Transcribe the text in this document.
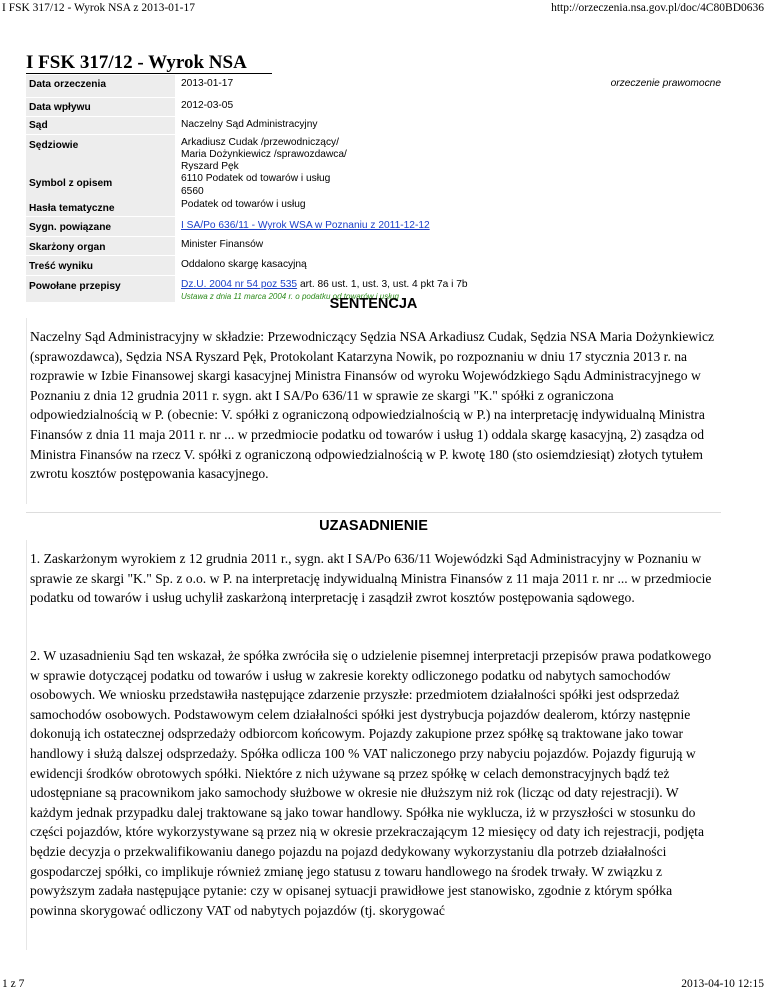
I FSK 317/12 - Wyrok NSA z 2013-01-17	http://orzeczenia.nsa.gov.pl/doc/4C80BD0636
I FSK 317/12 - Wyrok NSA
Data orzeczenia	2013-01-17 orzeczenie prawomocne

Data wpływu	2012-03-05
Sąd	Naczelny Sąd Administracyjny
Sędziowie	Arkadiusz Cudak /przewodniczący/
Maria Dożynkiewicz /sprawozdawca/
Ryszard Pęk

Symbol z opisem	6110 Podatek od towarów i usług
6560

Hasła tematyczne	Podatek od towarów i usług
Sygn. powiązane	I SA/Po 636/11 - Wyrok WSA w Poznaniu z 2011-12-12
Skarżony organ	Minister Finansów
Treść wyniku	Oddalono skargę kasacyjną
Powołane przepisy	Dz.U. 2004 nr 54 poz 535 art. 86 ust. 1, ust. 3, ust. 4 pkt 7a i 7b
Ustawa z dnia 11 marca 2004 r. o podatku od towarów i usług
SENTENCJA

Naczelny Sąd Administracyjny w składzie: Przewodniczący Sędzia NSA Arkadiusz Cudak, Sędzia NSA Maria Dożynkiewicz (sprawozdawca), Sędzia NSA Ryszard Pęk, Protokolant Katarzyna Nowik, po rozpoznaniu w dniu 17 stycznia 2013 r. na rozprawie w Izbie Finansowej skargi kasacyjnej Ministra Finansów od wyroku Wojewódzkiego Sądu Administracyjnego w Poznaniu z dnia 12 grudnia 2011 r. sygn. akt I SA/Po 636/11 w sprawie ze skargi "K." spółki z ograniczona odpowiedzialnością w P. (obecnie: V. spółki z ograniczoną odpowiedzialnością w P.) na interpretację indywidualną Ministra Finansów z dnia 11 maja 2011 r. nr ... w przedmiocie podatku od towarów i usług 1) oddala skargę kasacyjną, 2) zasądza od Ministra Finansów na rzecz V. spółki z ograniczoną odpowiedzialnością w P. kwotę 180 (sto osiemdziesiąt) złotych tytułem zwrotu kosztów postępowania kasacyjnego.

UZASADNIENIE

1. Zaskarżonym wyrokiem z 12 grudnia 2011 r., sygn. akt I SA/Po 636/11 Wojewódzki Sąd Administracyjny w Poznaniu w sprawie ze skargi "K." Sp. z o.o. w P. na interpretację indywidualną Ministra Finansów z 11 maja 2011 r. nr ... w przedmiocie podatku od towarów i usług uchylił zaskarżoną interpretację i zasądził zwrot kosztów postępowania sądowego.

2. W uzasadnieniu Sąd ten wskazał, że spółka zwróciła się o udzielenie pisemnej interpretacji przepisów prawa podatkowego w sprawie dotyczącej podatku od towarów i usług w zakresie korekty odliczonego podatku od nabytych samochodów osobowych. We wniosku przedstawiła następujące zdarzenie przyszłe: przedmiotem działalności spółki jest odsprzedaż samochodów osobowych. Podstawowym celem działalności spółki jest dystrybucja pojazdów dealerom, którzy następnie dokonują ich ostatecznej odsprzedaży odbiorcom końcowym. Pojazdy zakupione przez spółkę są traktowane jako towar handlowy i służą dalszej odsprzedaży. Spółka odlicza 100 % VAT naliczonego przy nabyciu pojazdów. Pojazdy figurują w ewidencji środków obrotowych spółki. Niektóre z nich używane są przez spółkę w celach demonstracyjnych bądź też udostępniane są pracownikom jako samochody służbowe w okresie nie dłuższym niż rok (licząc od daty rejestracji). W każdym jednak przypadku dalej traktowane są jako towar handlowy. Spółka nie wyklucza, iż w przyszłości w stosunku do części pojazdów, które wykorzystywane są przez nią w okresie przekraczającym 12 miesięcy od daty ich rejestracji, podjęta będzie decyzja o przekwalifikowaniu danego pojazdu na pojazd dedykowany wykorzystaniu dla potrzeb działalności gospodarczej spółki, co implikuje również zmianę jego statusu z towaru handlowego na środek trwały. W związku z powyższym zadała następujące pytanie: czy w opisanej sytuacji prawidłowe jest stanowisko, zgodnie z którym spółka powinna skorygować odliczony VAT od nabytych pojazdów (tj. skorygować

1 z 7	2013-04-10 12:15
